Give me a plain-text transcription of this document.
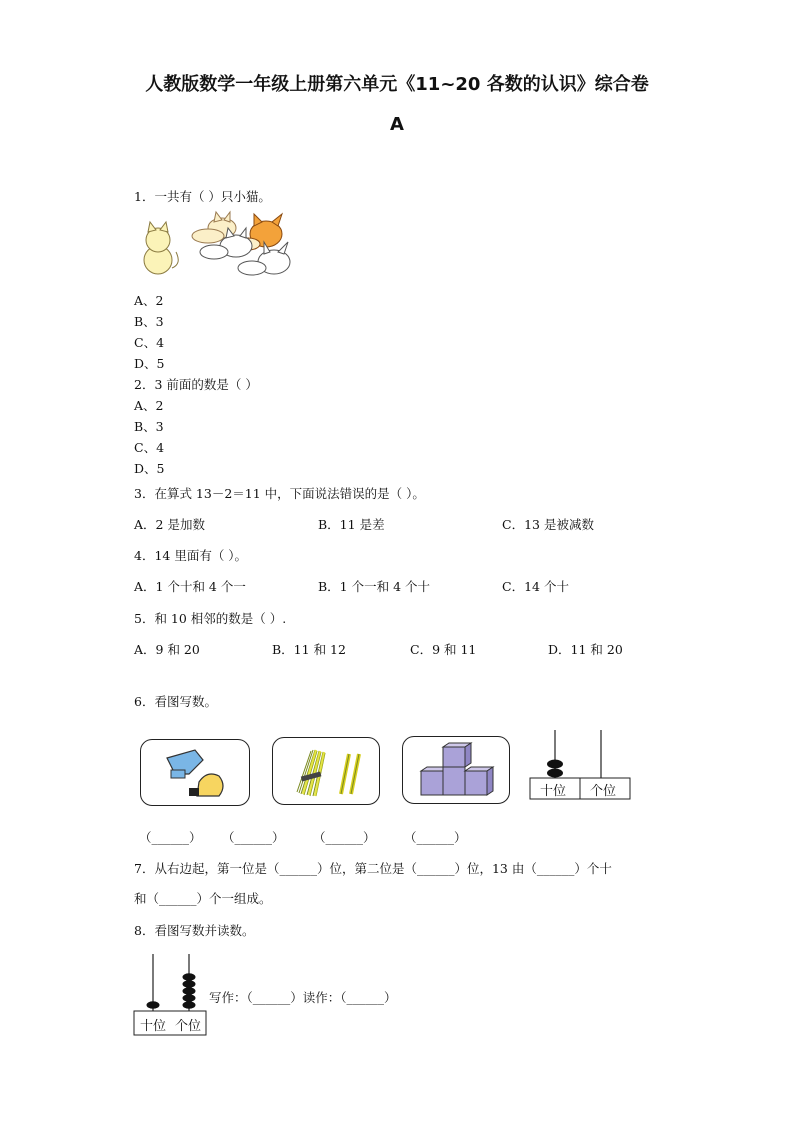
人教版数学一年级上册第六单元《11~20 各数的认识》综合卷
A
1．一共有（ ）只小猫。
A、2
B、3
C、4
D、5
2．3 前面的数是（ ）
A、2
B、3
C、4
D、5
3．在算式 13－2＝11 中，下面说法错误的是（ ）。
A．2 是加数	B．11 是差	C．13 是被减数
4．14 里面有（ ）。
A．1 个十和 4 个一	B．1 个一和 4 个十	C．14 个十
5．和 10 相邻的数是（ ）.
A．9 和 20	B．11 和 12	C．9 和 11	D．11 和 20
6．看图写数。
十位 个位
（______） （______） （______） （______）
7．从右边起，第一位是（______）位，第二位是（______）位，13 由（______）个十
和（______）个一组成。
8．看图写数并读数。
十位 个位
写作：（______）读作：（______）
